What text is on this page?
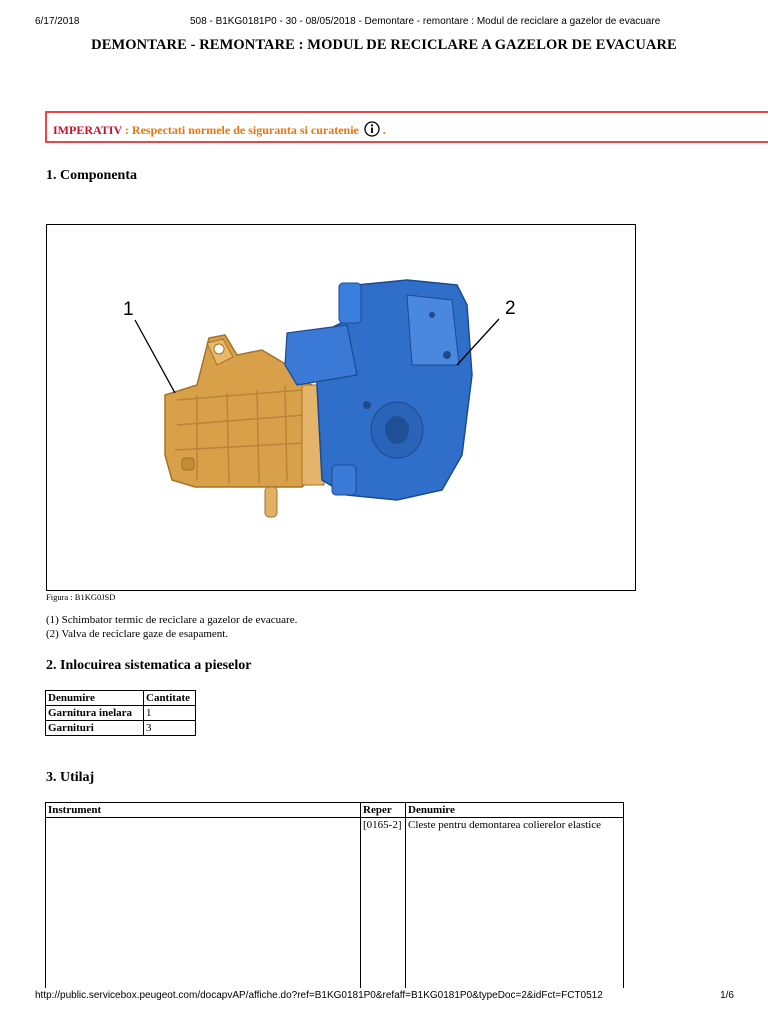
6/17/2018	508 - B1KG0181P0 - 30 - 08/05/2018 - Demontare - remontare : Modul de reciclare a gazelor de evacuare
DEMONTARE - REMONTARE : MODUL DE RECICLARE A GAZELOR DE EVACUARE
IMPERATIV : Respectati normele de siguranta si curatenie  .
1. Componenta
1	2
Figura : B1KG0JSD
(1) Schimbator termic de reciclare a gazelor de evacuare.
(2) Valva de reciclare gaze de esapament.
2. Inlocuirea sistematica a pieselor
Denumire	Cantitate
Garnitura inelara	1
Garnituri	3
3. Utilaj
Instrument	Reper	Denumire
	[0165-2]	Cleste pentru demontarea colierelor elastice
http://public.servicebox.peugeot.com/docapvAP/affiche.do?ref=B1KG0181P0&refaff=B1KG0181P0&typeDoc=2&idFct=FCT0512	1/6
